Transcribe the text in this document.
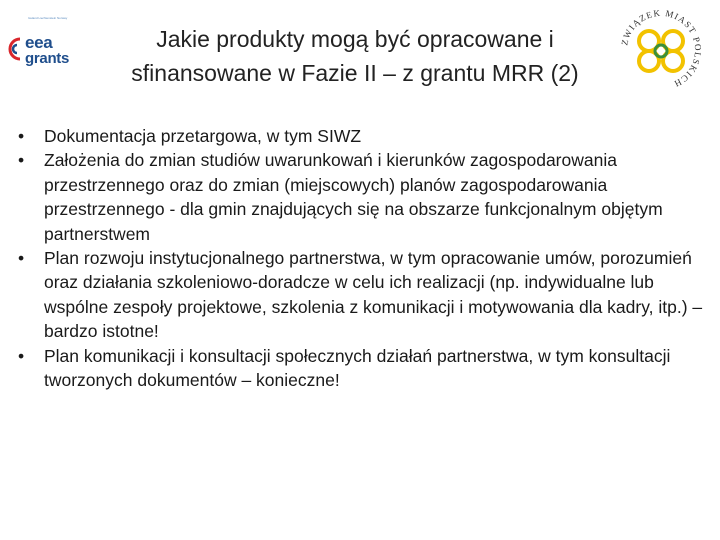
Iceland Liechtenstein Norway
eea
grants
Jakie produkty mogą być opracowane i sfinansowane w Fazie II – z grantu MRR (2)
ZWIĄZEK MIAST P LSKICH
• Dokumentacja przetargowa, w tym SIWZ
• Założenia do zmian studiów uwarunkowań i kierunków zagospodarowania przestrzennego oraz do zmian (miejscowych) planów zagospodarowania przestrzennego - dla gmin znajdujących się na obszarze funkcjonalnym objętym partnerstwem
• Plan rozwoju instytucjonalnego partnerstwa, w tym opracowanie umów, porozumień oraz działania szkoleniowo-doradcze w celu ich realizacji (np. indywidualne lub wspólne zespoły projektowe, szkolenia z komunikacji i motywowania dla kadry, itp.) – bardzo istotne!
• Plan komunikacji i konsultacji społecznych działań partnerstwa, w tym konsultacji tworzonych dokumentów – konieczne!
